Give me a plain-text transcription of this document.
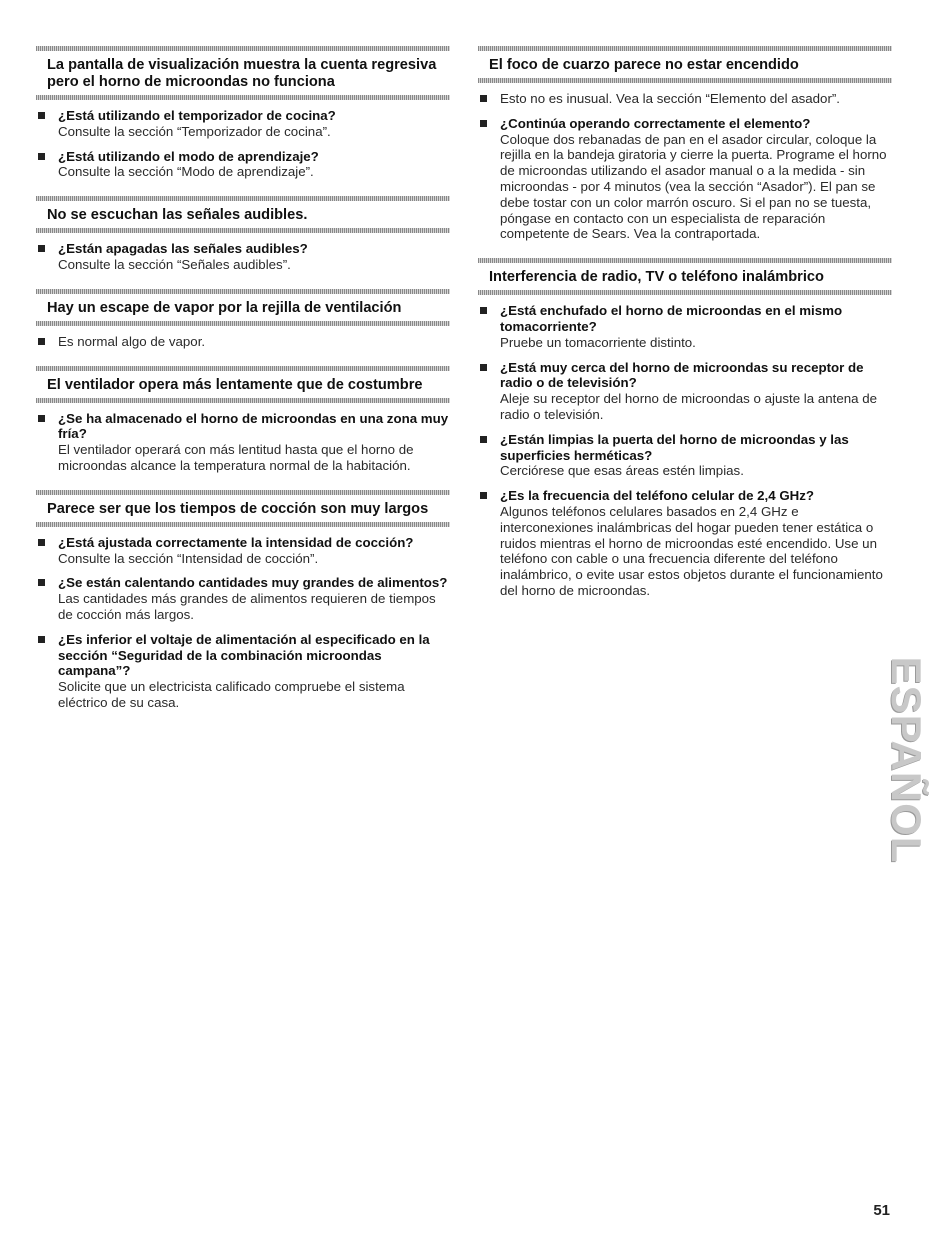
La pantalla de visualización muestra la cuenta regresiva pero el horno de microondas no funciona
¿Está utilizando el temporizador de cocina?
Consulte la sección “Temporizador de cocina”.
¿Está utilizando el modo de aprendizaje?
Consulte la sección “Modo de aprendizaje”.
No se escuchan las señales audibles.
¿Están apagadas las señales audibles?
Consulte la sección “Señales audibles”.
Hay un escape de vapor por la rejilla de ventilación
Es normal algo de vapor.
El ventilador opera más lentamente que de costumbre
¿Se ha almacenado el horno de microondas en una zona muy fría?
El ventilador operará con más lentitud hasta que el horno de microondas alcance la temperatura normal de la habitación.
Parece ser que los tiempos de cocción son muy largos
¿Está ajustada correctamente la intensidad de cocción?
Consulte la sección “Intensidad de cocción”.
¿Se están calentando cantidades muy grandes de alimentos?
Las cantidades más grandes de alimentos requieren de tiempos de cocción más largos.
¿Es inferior el voltaje de alimentación al especificado en la sección “Seguridad de la combinación microondas campana”?
Solicite que un electricista calificado compruebe el sistema eléctrico de su casa.
El foco de cuarzo parece no estar encendido
Esto no es inusual. Vea la sección “Elemento del asador”.
¿Continúa operando correctamente el elemento?
Coloque dos rebanadas de pan en el asador circular, coloque la rejilla en la bandeja giratoria y cierre la puerta. Programe el horno de microondas utilizando el asador manual o a la medida - sin microondas - por 4 minutos (vea la sección “Asador”). El pan se debe tostar con un color marrón oscuro. Si el pan no se tuesta, póngase en contacto con un especialista de reparación competente de Sears. Vea la contraportada.
Interferencia de radio, TV o teléfono inalámbrico
¿Está enchufado el horno de microondas en el mismo tomacorriente?
Pruebe un tomacorriente distinto.
¿Está muy cerca del horno de microondas su receptor de radio o de televisión?
Aleje su receptor del horno de microondas o ajuste la antena de radio o televisión.
¿Están limpias la puerta del horno de microondas y las superficies herméticas?
Cerciórese que esas áreas estén limpias.
¿Es la frecuencia del teléfono celular de 2,4 GHz?
Algunos teléfonos celulares basados en 2,4 GHz e interconexiones inalámbricas del hogar pueden tener estática o ruidos mientras el horno de microondas esté encendido. Use un teléfono con cable o una frecuencia diferente del teléfono inalámbrico, o evite usar estos objetos durante el funcionamiento del horno de microondas.
ESPAÑOL
51
